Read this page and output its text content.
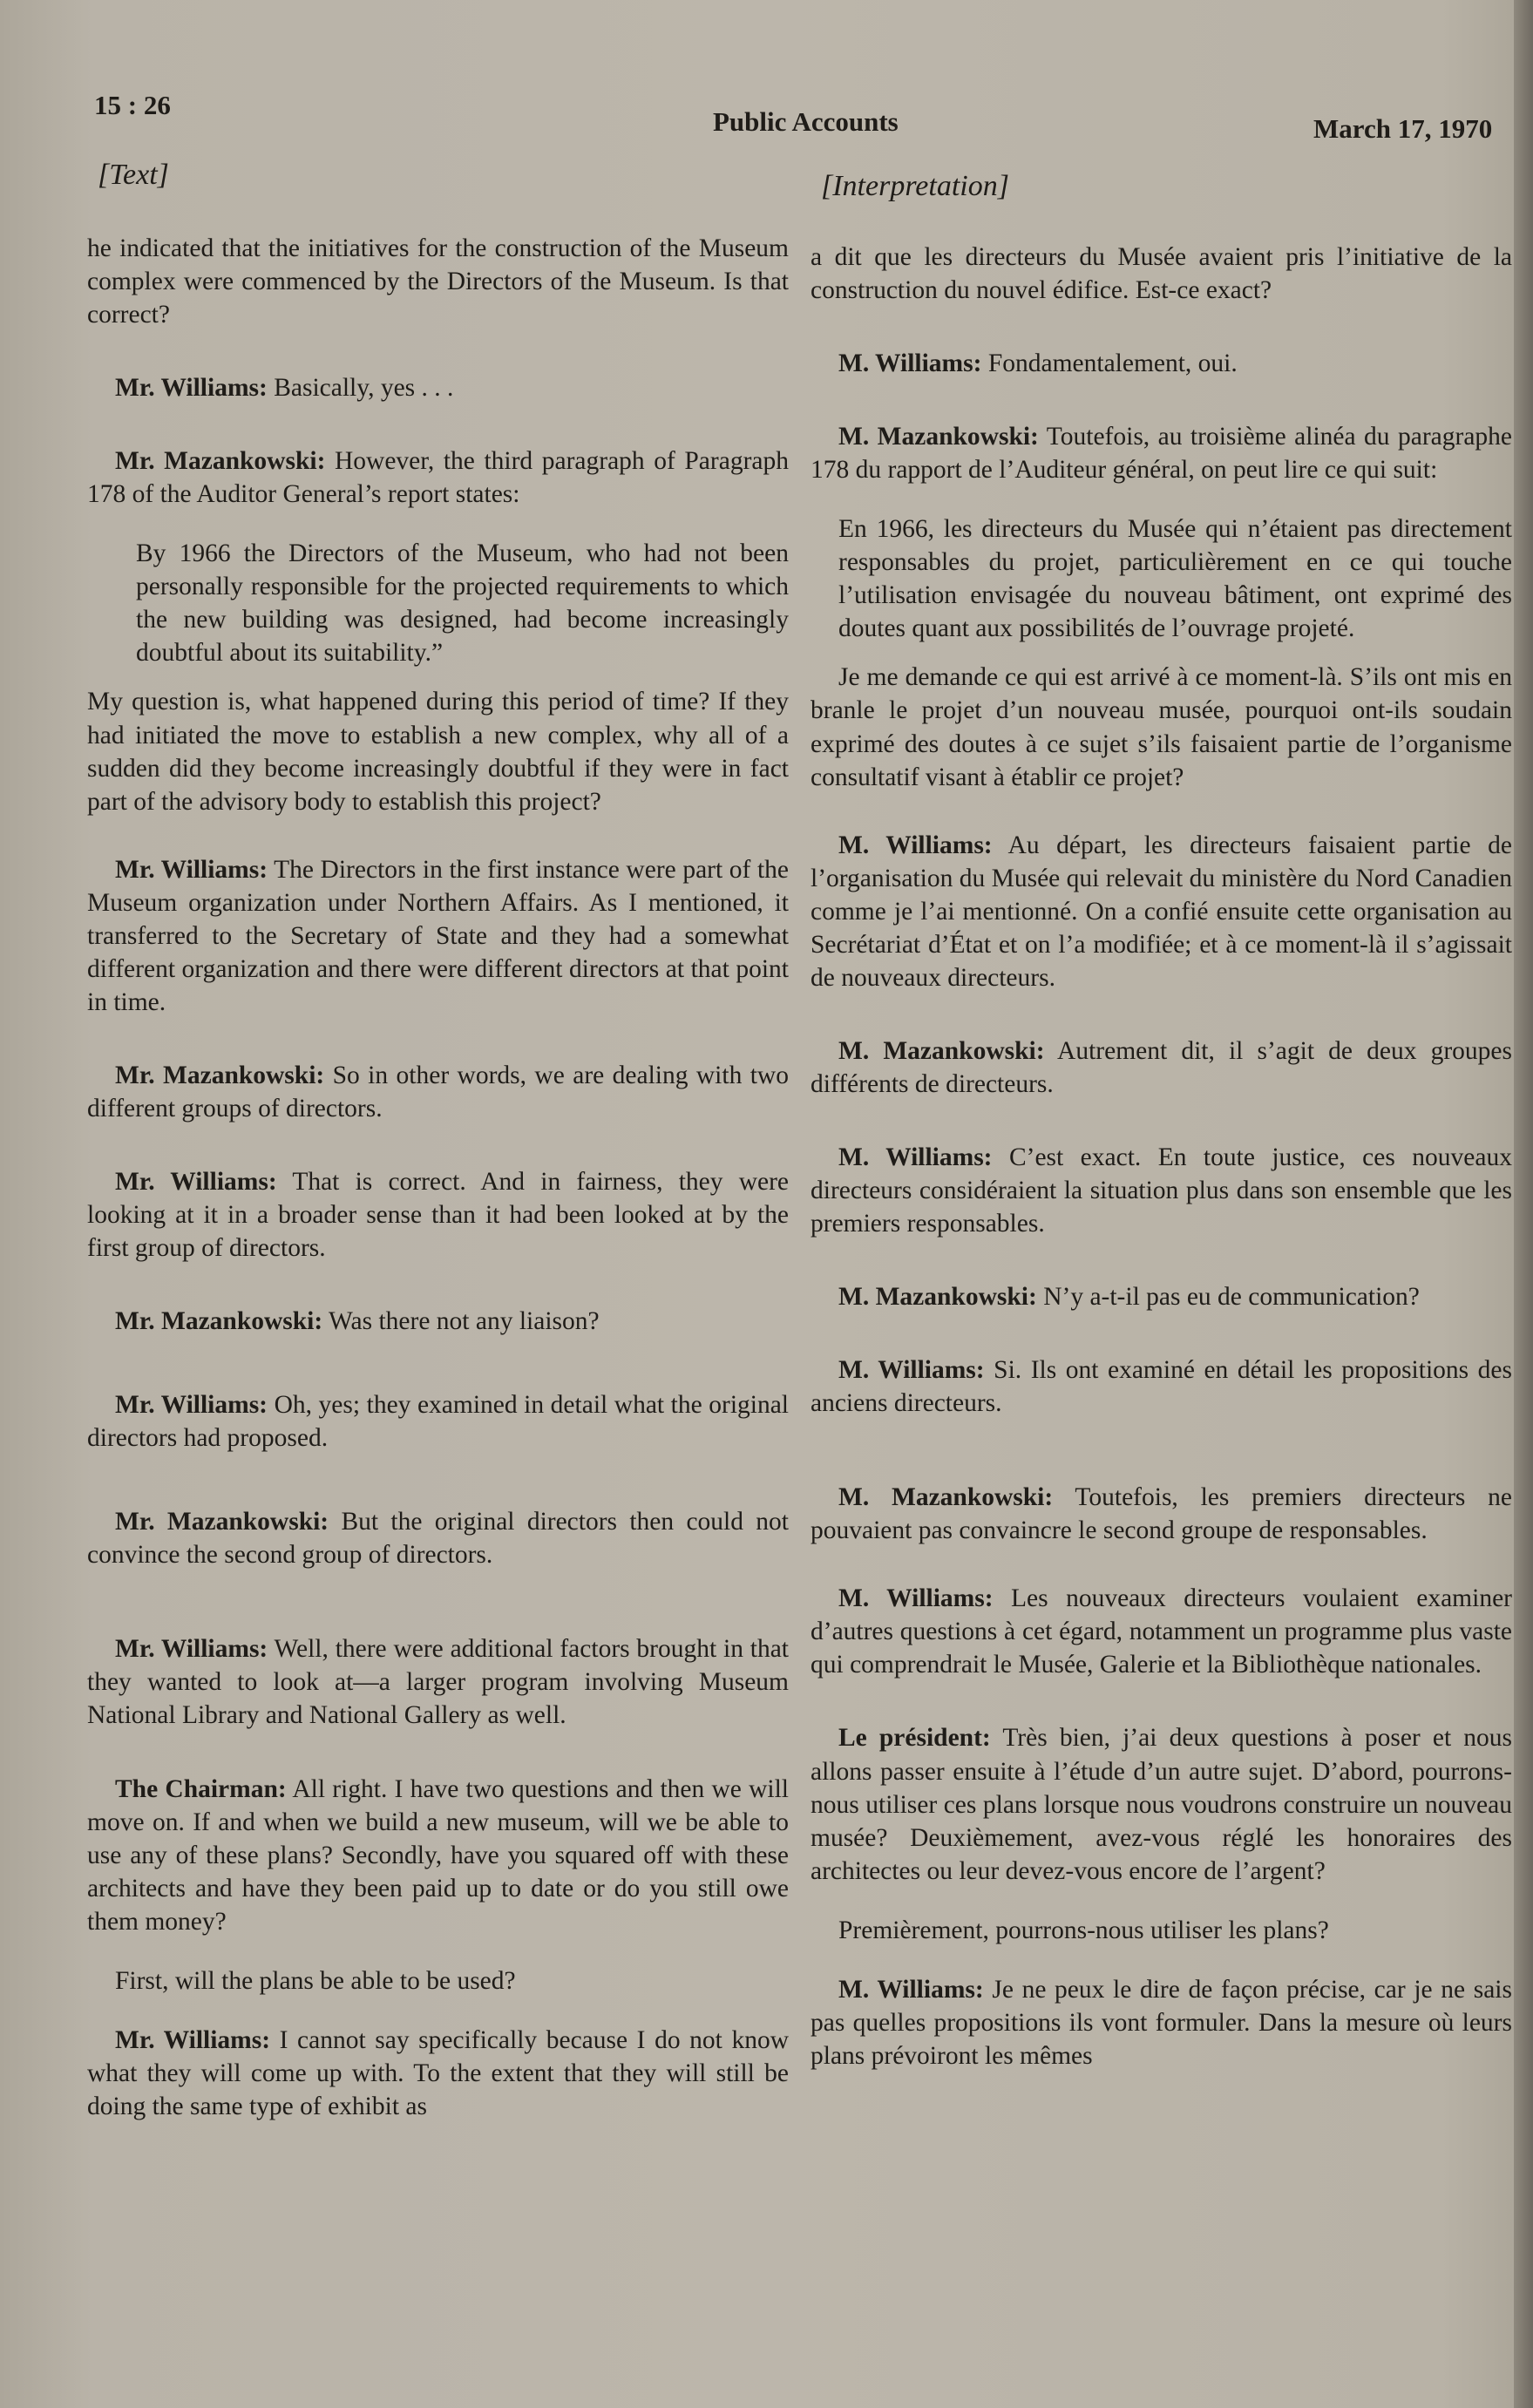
15 : 26
Public Accounts	March 17, 1970
[Text]	[Interpretation]

he indicated that the initiatives for the construction of the Museum complex were commenced by the Directors of the Museum. Is that correct?

Mr. Williams: Basically, yes . . .

Mr. Mazankowski: However, the third paragraph of Paragraph 178 of the Auditor General’s report states:

By 1966 the Directors of the Museum, who had not been personally responsible for the projected requirements to which the new building was designed, had become increasingly doubtful about its suitability.”

My question is, what happened during this period of time? If they had initiated the move to establish a new complex, why all of a sudden did they become increasingly doubtful if they were in fact part of the advisory body to establish this project?

Mr. Williams: The Directors in the first instance were part of the Museum organization under Northern Affairs. As I mentioned, it transferred to the Secretary of State and they had a somewhat different organization and there were different directors at that point in time.

Mr. Mazankowski: So in other words, we are dealing with two different groups of directors.

Mr. Williams: That is correct. And in fairness, they were looking at it in a broader sense than it had been looked at by the first group of directors.

Mr. Mazankowski: Was there not any liaison?

Mr. Williams: Oh, yes; they examined in detail what the original directors had proposed.

Mr. Mazankowski: But the original directors then could not convince the second group of directors.

Mr. Williams: Well, there were additional factors brought in that they wanted to look at—a larger program involving Museum National Library and National Gallery as well.

The Chairman: All right. I have two questions and then we will move on. If and when we build a new museum, will we be able to use any of these plans? Secondly, have you squared off with these architects and have they been paid up to date or do you still owe them money?

First, will the plans be able to be used?

Mr. Williams: I cannot say specifically because I do not know what they will come up with. To the extent that they will still be doing the same type of exhibit as

a dit que les directeurs du Musée avaient pris l’initiative de la construction du nouvel édifice. Est-ce exact?

M. Williams: Fondamentalement, oui.

M. Mazankowski: Toutefois, au troisième alinéa du paragraphe 178 du rapport de l’Auditeur général, on peut lire ce qui suit:

En 1966, les directeurs du Musée qui n’étaient pas directement responsables du projet, particulièrement en ce qui touche l’utilisation envisagée du nouveau bâtiment, ont exprimé des doutes quant aux possibilités de l’ouvrage projeté.

Je me demande ce qui est arrivé à ce moment-là. S’ils ont mis en branle le projet d’un nouveau musée, pourquoi ont-ils soudain exprimé des doutes à ce sujet s’ils faisaient partie de l’organisme consultatif visant à établir ce projet?

M. Williams: Au départ, les directeurs faisaient partie de l’organisation du Musée qui relevait du ministère du Nord Canadien comme je l’ai mentionné. On a confié ensuite cette organisation au Secrétariat d’État et on l’a modifiée; et à ce moment-là il s’agissait de nouveaux directeurs.

M. Mazankowski: Autrement dit, il s’agit de deux groupes différents de directeurs.

M. Williams: C’est exact. En toute justice, ces nouveaux directeurs considéraient la situation plus dans son ensemble que les premiers responsables.

M. Mazankowski: N’y a-t-il pas eu de communication?

M. Williams: Si. Ils ont examiné en détail les propositions des anciens directeurs.

M. Mazankowski: Toutefois, les premiers directeurs ne pouvaient pas convaincre le second groupe de responsables.

M. Williams: Les nouveaux directeurs voulaient examiner d’autres questions à cet égard, notamment un programme plus vaste qui comprendrait le Musée, Galerie et la Bibliothèque nationales.

Le président: Très bien, j’ai deux questions à poser et nous allons passer ensuite à l’étude d’un autre sujet. D’abord, pourrons-nous utiliser ces plans lorsque nous voudrons construire un nouveau musée? Deuxièmement, avez-vous réglé les honoraires des architectes ou leur devez-vous encore de l’argent?

Premièrement, pourrons-nous utiliser les plans?

M. Williams: Je ne peux le dire de façon précise, car je ne sais pas quelles propositions ils vont formuler. Dans la mesure où leurs plans prévoiront les mêmes
